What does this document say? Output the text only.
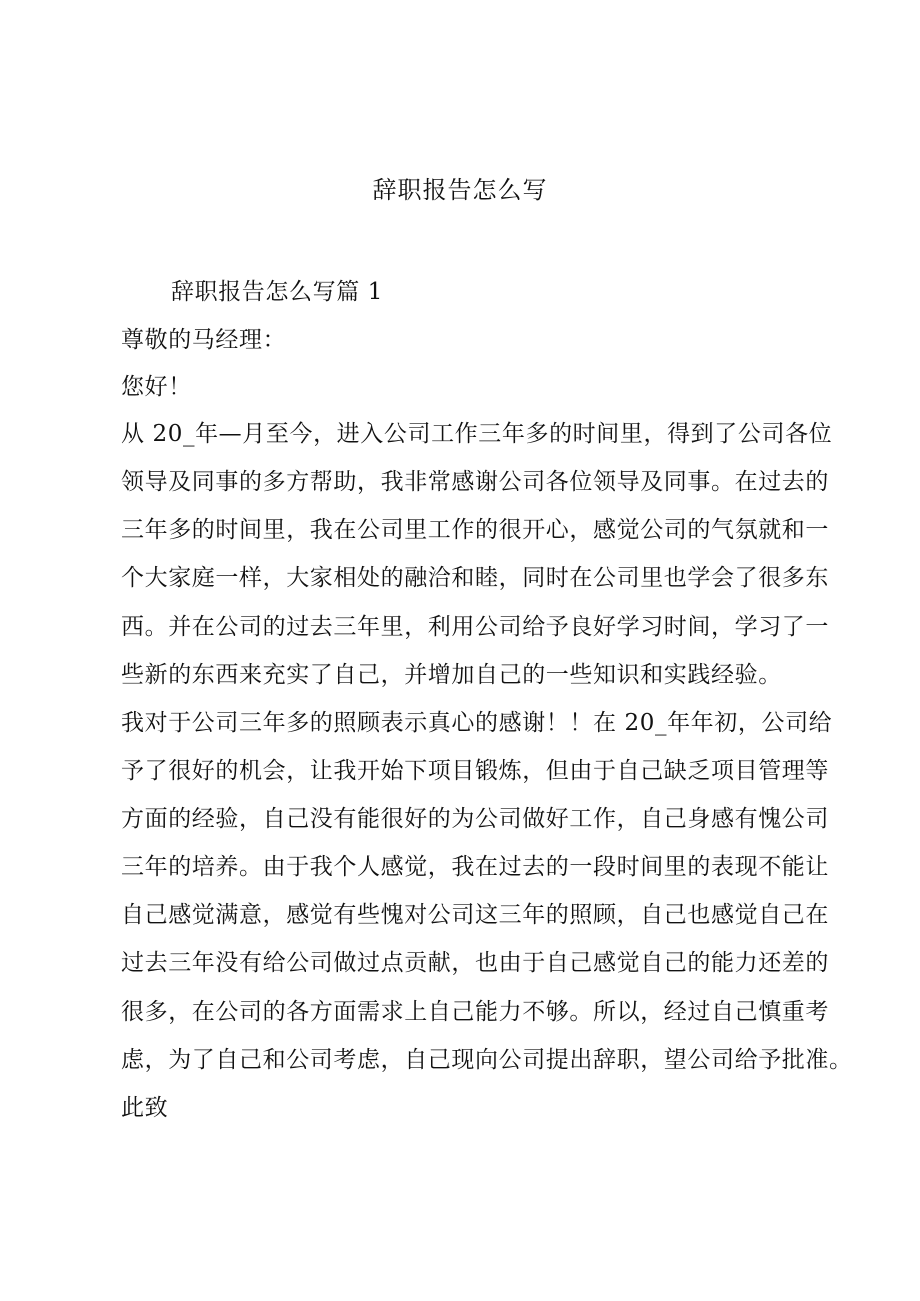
辞职报告怎么写
辞职报告怎么写篇 1
尊敬的马经理：
您好！
从 20_年—月至今，进入公司工作三年多的时间里，得到了公司各位
领导及同事的多方帮助，我非常感谢公司各位领导及同事。在过去的
三年多的时间里，我在公司里工作的很开心，感觉公司的气氛就和一
个大家庭一样，大家相处的融洽和睦，同时在公司里也学会了很多东
西。并在公司的过去三年里，利用公司给予良好学习时间，学习了一
些新的东西来充实了自己，并增加自己的一些知识和实践经验。
我对于公司三年多的照顾表示真心的感谢！！在 20_年年初，公司给
予了很好的机会，让我开始下项目锻炼，但由于自己缺乏项目管理等
方面的经验，自己没有能很好的为公司做好工作，自己身感有愧公司
三年的培养。由于我个人感觉，我在过去的一段时间里的表现不能让
自己感觉满意，感觉有些愧对公司这三年的照顾，自己也感觉自己在
过去三年没有给公司做过点贡献，也由于自己感觉自己的能力还差的
很多，在公司的各方面需求上自己能力不够。所以，经过自己慎重考
虑，为了自己和公司考虑，自己现向公司提出辞职，望公司给予批准。
此致
